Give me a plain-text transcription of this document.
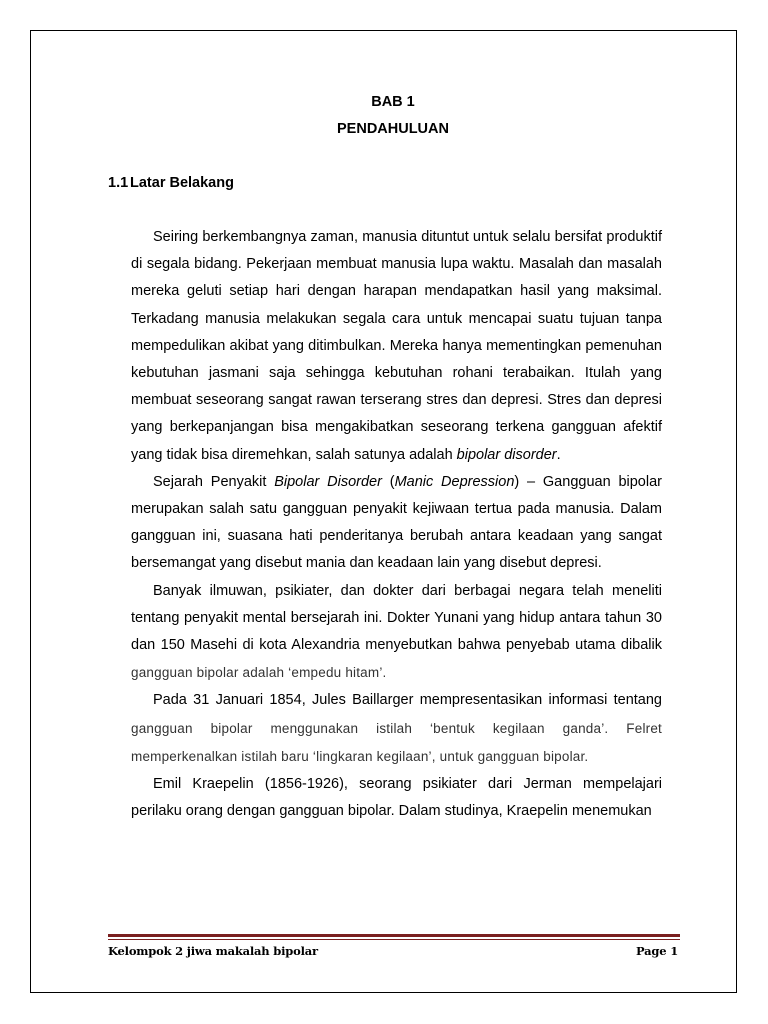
BAB 1
PENDAHULUAN
1.1 Latar Belakang

Seiring berkembangnya zaman, manusia dituntut untuk selalu bersifat produktif di segala bidang. Pekerjaan membuat manusia lupa waktu. Masalah dan masalah mereka geluti setiap hari dengan harapan mendapatkan hasil yang maksimal. Terkadang manusia melakukan segala cara untuk mencapai suatu tujuan tanpa mempedulikan akibat yang ditimbulkan. Mereka hanya mementingkan pemenuhan kebutuhan jasmani saja sehingga kebutuhan rohani terabaikan. Itulah yang membuat seseorang sangat rawan terserang stres dan depresi. Stres dan depresi yang berkepanjangan bisa mengakibatkan seseorang terkena gangguan afektif yang tidak bisa diremehkan, salah satunya adalah bipolar disorder.

Sejarah Penyakit Bipolar Disorder (Manic Depression) – Gangguan bipolar merupakan salah satu gangguan penyakit kejiwaan tertua pada manusia. Dalam gangguan ini, suasana hati penderitanya berubah antara keadaan yang sangat bersemangat yang disebut mania dan keadaan lain yang disebut depresi.

Banyak ilmuwan, psikiater, dan dokter dari berbagai negara telah meneliti tentang penyakit mental bersejarah ini. Dokter Yunani yang hidup antara tahun 30 dan 150 Masehi di kota Alexandria menyebutkan bahwa penyebab utama dibalik gangguan bipolar adalah ‘empedu hitam’.

Pada 31 Januari 1854, Jules Baillarger mempresentasikan informasi tentang gangguan bipolar menggunakan istilah ‘bentuk kegilaan ganda’. Felret memperkenalkan istilah baru ‘lingkaran kegilaan’, untuk gangguan bipolar.

Emil Kraepelin (1856-1926), seorang psikiater dari Jerman mempelajari perilaku orang dengan gangguan bipolar. Dalam studinya, Kraepelin menemukan

Kelompok 2 jiwa makalah bipolar	Page 1
